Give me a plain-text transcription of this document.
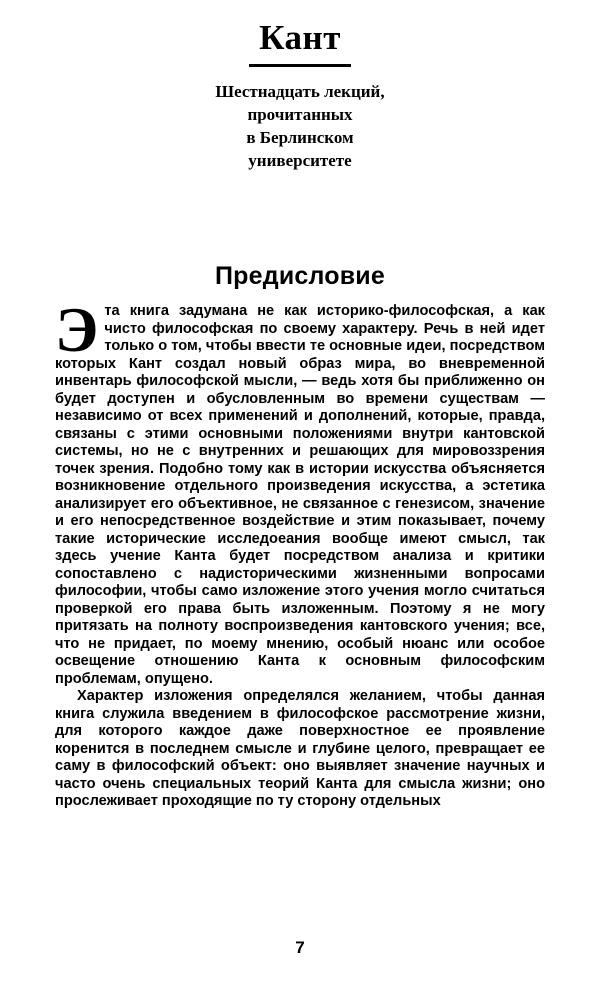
Кант
Шестнадцать лекций,
прочитанных
в Берлинском
университете
Предисловие

Эта книга задумана не как историко-философская, а как чисто философская по своему характеру. Речь в ней идет только о том, чтобы ввести те основные идеи, посредством которых Кант создал новый образ мира, во вневременной инвентарь философской мысли, — ведь хотя бы приближенно он будет доступен и обусловленным во времени существам — независимо от всех применений и дополнений, которые, правда, связаны с этими основными положениями внутри кантовской системы, но не с внутренних и решающих для мировоззрения точек зрения. Подобно тому как в истории искусства объясняется возникновение отдельного произведения искусства, а эстетика анализирует его объективное, не связанное с генезисом, значение и его непосредственное воздействие и этим показывает, почему такие исторические исследоеания вообще имеют смысл, так здесь учение Канта будет посредством анализа и критики сопоставлено с надисторическими жизненными вопросами философии, чтобы само изложение этого учения могло считаться проверкой его права быть изложенным. Поэтому я не могу притязать на полноту воспроизведения кантовского учения; все, что не придает, по моему мнению, особый нюанс или особое освещение отношению Канта к основным философским проблемам, опущено.

Характер изложения определялся желанием, чтобы данная книга служила введением в философское рассмотрение жизни, для которого каждое даже поверхностное ее проявление коренится в последнем смысле и глубине целого, превращает ее саму в философский объект: оно выявляет значение научных и часто очень специальных теорий Канта для смысла жизни; оно прослеживает проходящие по ту сторону отдельных

7
